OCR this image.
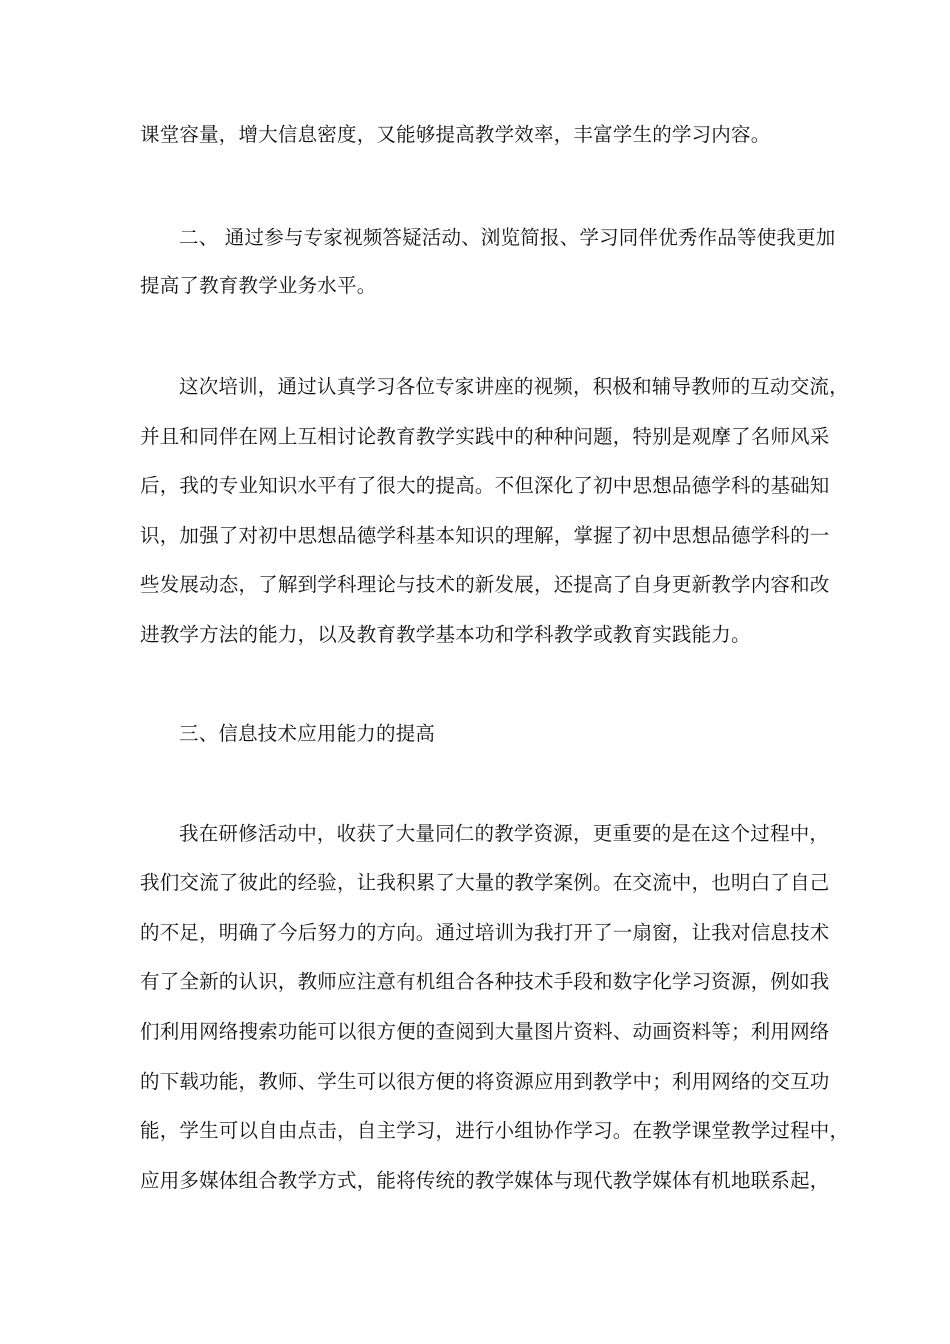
课堂容量，增大信息密度，又能够提高教学效率，丰富学生的学习内容。
二、 通过参与专家视频答疑活动、浏览简报、学习同伴优秀作品等使我更加
提高了教育教学业务水平。
这次培训，通过认真学习各位专家讲座的视频，积极和辅导教师的互动交流，
并且和同伴在网上互相讨论教育教学实践中的种种问题，特别是观摩了名师风采
后，我的专业知识水平有了很大的提高。不但深化了初中思想品德学科的基础知
识，加强了对初中思想品德学科基本知识的理解，掌握了初中思想品德学科的一
些发展动态，了解到学科理论与技术的新发展，还提高了自身更新教学内容和改
进教学方法的能力，以及教育教学基本功和学科教学或教育实践能力。
三、信息技术应用能力的提高
我在研修活动中，收获了大量同仁的教学资源，更重要的是在这个过程中，
我们交流了彼此的经验，让我积累了大量的教学案例。在交流中，也明白了自己
的不足，明确了今后努力的方向。通过培训为我打开了一扇窗，让我对信息技术
有了全新的认识，教师应注意有机组合各种技术手段和数字化学习资源，例如我
们利用网络搜索功能可以很方便的查阅到大量图片资料、动画资料等；利用网络
的下载功能，教师、学生可以很方便的将资源应用到教学中；利用网络的交互功
能，学生可以自由点击，自主学习，进行小组协作学习。在教学课堂教学过程中，
应用多媒体组合教学方式，能将传统的教学媒体与现代教学媒体有机地联系起，
